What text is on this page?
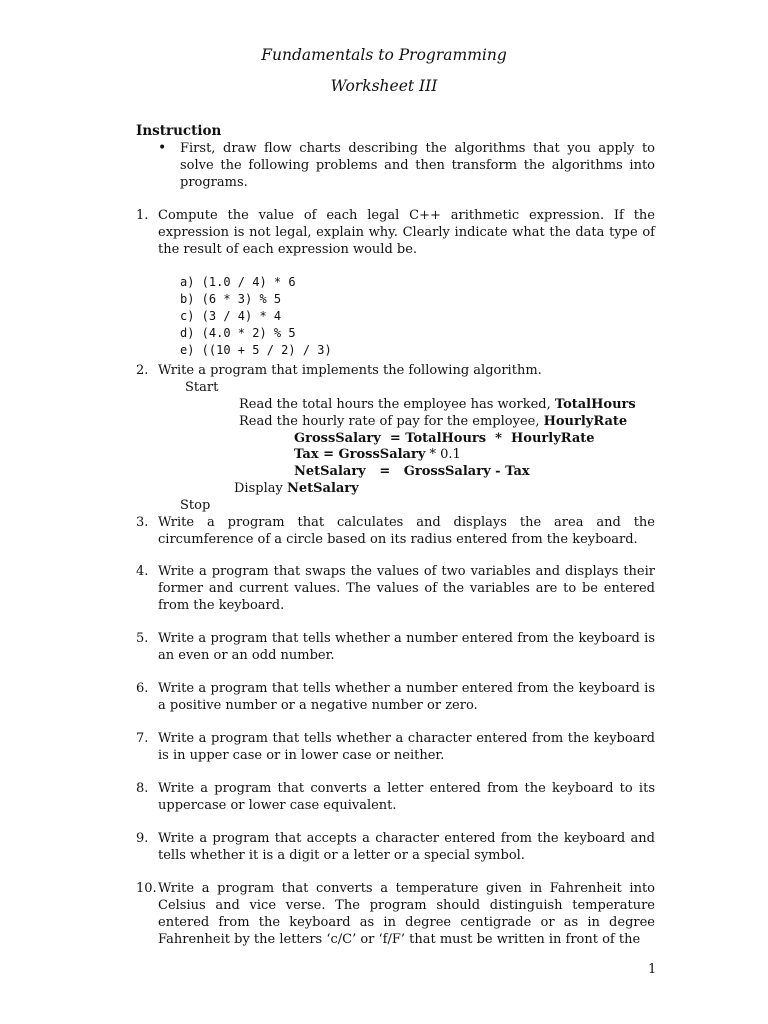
Fundamentals to Programming
Worksheet III
Instruction
• First, draw flow charts describing the algorithms that you apply to solve the following problems and then transform the algorithms into programs.
1. Compute the value of each legal C++ arithmetic expression. If the expression is not legal, explain why. Clearly indicate what the data type of the result of each expression would be.
a) (1.0 / 4) * 6
b) (6 * 3) % 5
c) (3 / 4) * 4
d) (4.0 * 2) % 5
e) ((10 + 5 / 2) / 3)
2. Write a program that implements the following algorithm.
Start
Read the total hours the employee has worked, TotalHours
Read the hourly rate of pay for the employee, HourlyRate
GrossSalary  = TotalHours  *  HourlyRate
Tax = GrossSalary * 0.1
NetSalary   =   GrossSalary - Tax
Display NetSalary
Stop
3. Write a program that calculates and displays the area and the circumference of a circle based on its radius entered from the keyboard.
4. Write a program that swaps the values of two variables and displays their former and current values. The values of the variables are to be entered from the keyboard.
5. Write a program that tells whether a number entered from the keyboard is an even or an odd number.
6. Write a program that tells whether a number entered from the keyboard is a positive number or a negative number or zero.
7. Write a program that tells whether a character entered from the keyboard is in upper case or in lower case or neither.
8. Write a program that converts a letter entered from the keyboard to its uppercase or lower case equivalent.
9. Write a program that accepts a character entered from the keyboard and tells whether it is a digit or a letter or a special symbol.
10. Write a program that converts a temperature given in Fahrenheit into Celsius and vice verse. The program should distinguish temperature entered from the keyboard as in degree centigrade or as in degree Fahrenheit by the letters ‘c/C’ or ‘f/F’ that must be written in front of the
1
